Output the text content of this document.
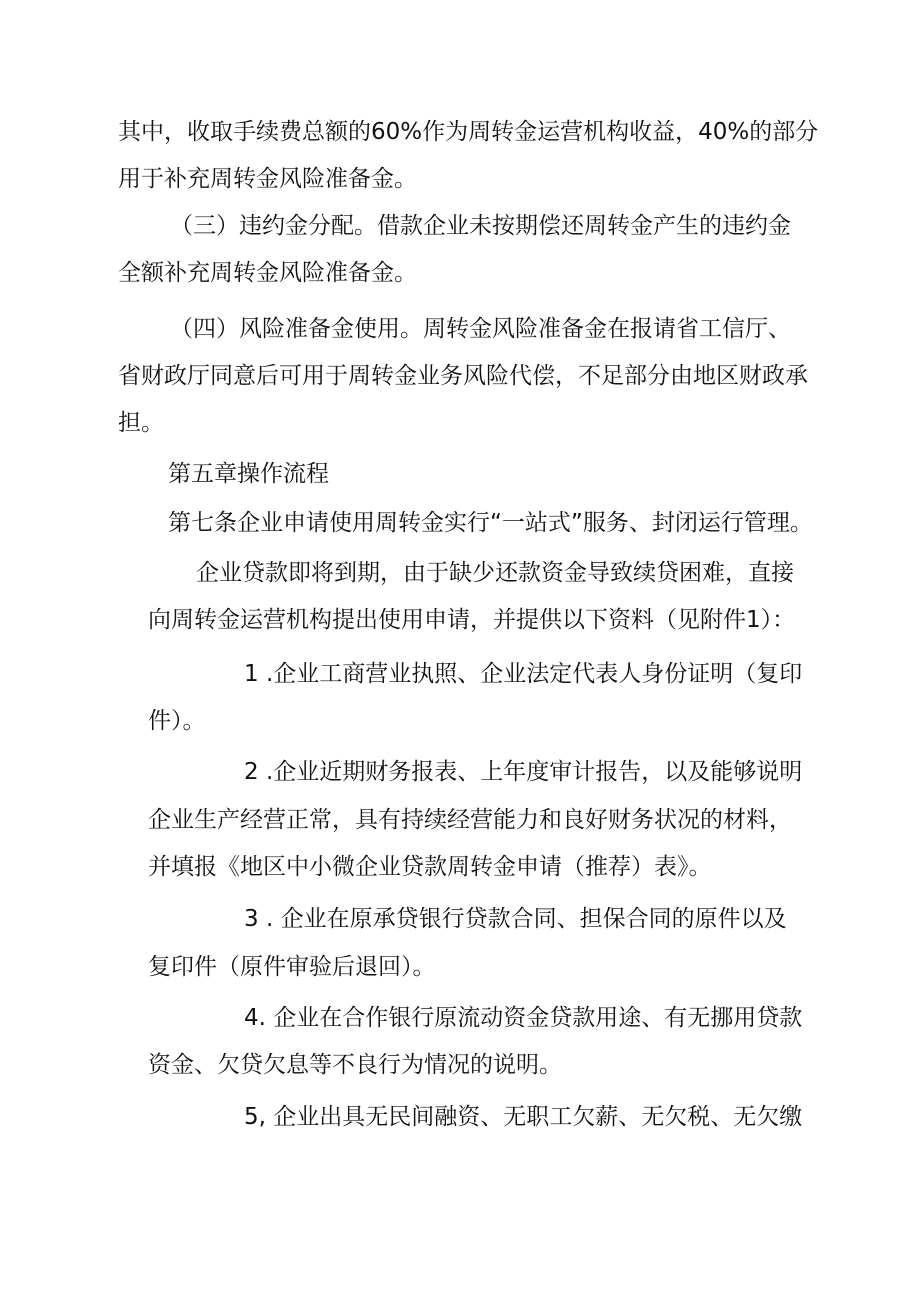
其中，收取手续费总额的60%作为周转金运营机构收益，40%的部分

用于补充周转金风险准备金。

（三）违约金分配。借款企业未按期偿还周转金产生的违约金

全额补充周转金风险准备金。

（四）风险准备金使用。周转金风险准备金在报请省工信厅、

省财政厅同意后可用于周转金业务风险代偿，不足部分由地区财政承

担。

第五章操作流程

第七条企业申请使用周转金实行“一站式”服务、封闭运行管理。

企业贷款即将到期，由于缺少还款资金导致续贷困难，直接

向周转金运营机构提出使用申请，并提供以下资料（见附件1）：

1 .企业工商营业执照、企业法定代表人身份证明（复印

件）。

2 .企业近期财务报表、上年度审计报告，以及能够说明

企业生产经营正常，具有持续经营能力和良好财务状况的材料，

并填报《地区中小微企业贷款周转金申请（推荐）表》。

3 . 企业在原承贷银行贷款合同、担保合同的原件以及

复印件（原件审验后退回）。

4. 企业在合作银行原流动资金贷款用途、有无挪用贷款

资金、欠贷欠息等不良行为情况的说明。

5, 企业出具无民间融资、无职工欠薪、无欠税、无欠缴
